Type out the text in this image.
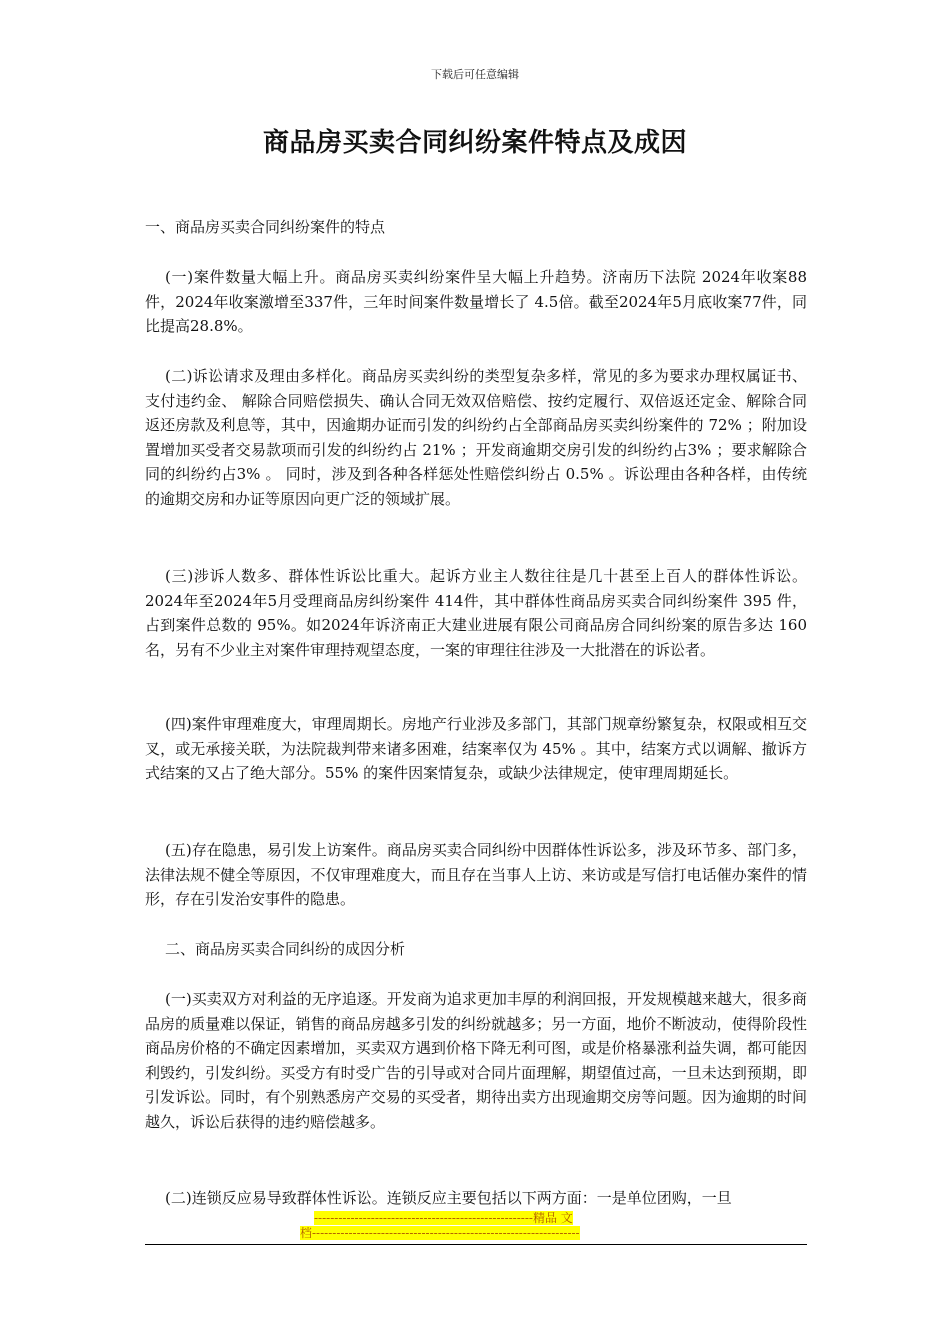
下载后可任意编辑
商品房买卖合同纠纷案件特点及成因
一、商品房买卖合同纠纷案件的特点
(一)案件数量大幅上升。商品房买卖纠纷案件呈大幅上升趋势。济南历下法院 2024年收案88件，2024年收案激增至337件，三年时间案件数量增长了 4.5倍。截至2024年5月底收案77件，同比提高28.8%。
(二)诉讼请求及理由多样化。商品房买卖纠纷的类型复杂多样，常见的多为要求办理权属证书、 支付违约金、 解除合同赔偿损失、确认合同无效双倍赔偿、按约定履行、双倍返还定金、解除合同返还房款及利息等，其中，因逾期办证而引发的纠纷约占全部商品房买卖纠纷案件的 72% ；附加设置增加买受者交易款项而引发的纠纷约占 21% ；开发商逾期交房引发的纠纷约占3% ；要求解除合同的纠纷约占3% 。 同时，涉及到各种各样惩处性赔偿纠纷占 0.5% 。诉讼理由各种各样，由传统的逾期交房和办证等原因向更广泛的领域扩展。
(三)涉诉人数多、群体性诉讼比重大。起诉方业主人数往往是几十甚至上百人的群体性诉讼。2024年至2024年5月受理商品房纠纷案件 414件，其中群体性商品房买卖合同纠纷案件 395 件，占到案件总数的 95%。如2024年诉济南正大建业进展有限公司商品房合同纠纷案的原告多达 160 名，另有不少业主对案件审理持观望态度，一案的审理往往涉及一大批潜在的诉讼者。
(四)案件审理难度大，审理周期长。房地产行业涉及多部门，其部门规章纷繁复杂，权限或相互交叉，或无承接关联，为法院裁判带来诸多困难，结案率仅为 45% 。其中，结案方式以调解、撤诉方式结案的又占了绝大部分。55% 的案件因案情复杂，或缺少法律规定，使审理周期延长。
(五)存在隐患，易引发上访案件。商品房买卖合同纠纷中因群体性诉讼多，涉及环节多、部门多，法律法规不健全等原因，不仅审理难度大，而且存在当事人上访、来访或是写信打电话催办案件的情形，存在引发治安事件的隐患。
二、商品房买卖合同纠纷的成因分析
(一)买卖双方对利益的无序追逐。开发商为追求更加丰厚的利润回报，开发规模越来越大，很多商品房的质量难以保证，销售的商品房越多引发的纠纷就越多；另一方面，地价不断波动，使得阶段性商品房价格的不确定因素增加，买卖双方遇到价格下降无利可图，或是价格暴涨利益失调，都可能因利毁约，引发纠纷。买受方有时受广告的引导或对合同片面理解，期望值过高，一旦未达到预期，即引发诉讼。同时，有个别熟悉房产交易的买受者，期待出卖方出现逾期交房等问题。因为逾期的时间越久，诉讼后获得的违约赔偿越多。
(二)连锁反应易导致群体性诉讼。连锁反应主要包括以下两方面：一是单位团购，一旦
------------------------------------------------------精品 文
档------------------------------------------------------------------
